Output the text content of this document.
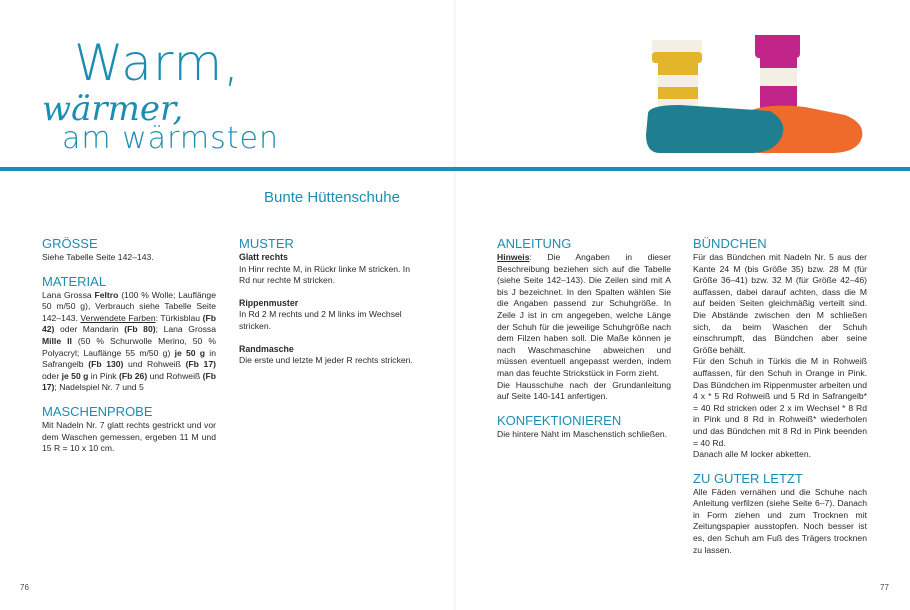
Warm,
wärmer,
am wärmsten
Bunte Hüttenschuhe
GRÖSSE

Siehe Tabelle Seite 142–143.

MATERIAL

Lana Grossa Feltro (100 % Wolle; Lauflänge 50 m/50 g), Verbrauch siehe Tabelle Seite 142–143. Verwendete Farben: Türkisblau (Fb 42) oder Mandarin (Fb 80); Lana Grossa Mille II (50 % Schurwolle Merino, 50 % Polyacryl; Lauflänge 55 m/50 g) je 50 g in Safrangelb (Fb 130) und Rohweiß (Fb 17) oder je 50 g in Pink (Fb 26) und Rohweiß (Fb 17); Nadelspiel Nr. 7 und 5

MASCHENPROBE

Mit Nadeln Nr. 7 glatt rechts gestrickt und vor dem Waschen gemessen, ergeben 11 M und 15 R = 10 x 10 cm.

MUSTER
Glatt rechts

In Hinr rechte M, in Rückr linke M stricken. In Rd nur rechte M stricken.

Rippenmuster

In Rd 2 M rechts und 2 M links im Wechsel stricken.

Randmasche

Die erste und letzte M jeder R rechts stricken.

ANLEITUNG

Hinweis: Die Angaben in dieser Beschreibung beziehen sich auf die Tabelle (siehe Seite 142–143). Die Zeilen sind mit A bis J bezeichnet. In den Spalten wählen Sie die Angaben passend zur Schuhgröße. In Zeile J ist in cm angegeben, welche Länge der Schuh für die jeweilige Schuhgröße nach dem Filzen haben soll. Die Maße können je nach Waschmaschine abweichen und müssen eventuell angepasst werden, indem man das feuchte Strickstück in Form zieht.

Die Hausschuhe nach der Grundanleitung auf Seite 140-141 anfertigen.

KONFEKTIONIEREN

Die hintere Naht im Maschenstich schließen.

BÜNDCHEN

Für das Bündchen mit Nadeln Nr. 5 aus der Kante 24 M (bis Größe 35) bzw. 28 M (für Größe 36–41) bzw. 32 M (für Größe 42–46) auffassen, dabei darauf achten, dass die M auf beiden Seiten gleichmäßig verteilt sind. Die Abstände zwischen den M schließen sich, da beim Waschen der Schuh einschrumpft, das Bündchen aber seine Größe behält.

Für den Schuh in Türkis die M in Rohweiß auffassen, für den Schuh in Orange in Pink. Das Bündchen im Rippenmuster arbeiten und 4 x * 5 Rd Rohweiß und 5 Rd in Safrangelb* = 40 Rd stricken oder 2 x im Wechsel * 8 Rd in Pink und 8 Rd in Rohweiß* wiederholen und das Bündchen mit 8 Rd in Pink beenden = 40 Rd.

Danach alle M locker abketten.

ZU GUTER LETZT

Alle Fäden vernähen und die Schuhe nach Anleitung verfilzen (siehe Seite 6–7). Danach in Form ziehen und zum Trocknen mit Zeitungspapier ausstopfen. Noch besser ist es, den Schuh am Fuß des Trägers trocknen zu lassen.

76	77
